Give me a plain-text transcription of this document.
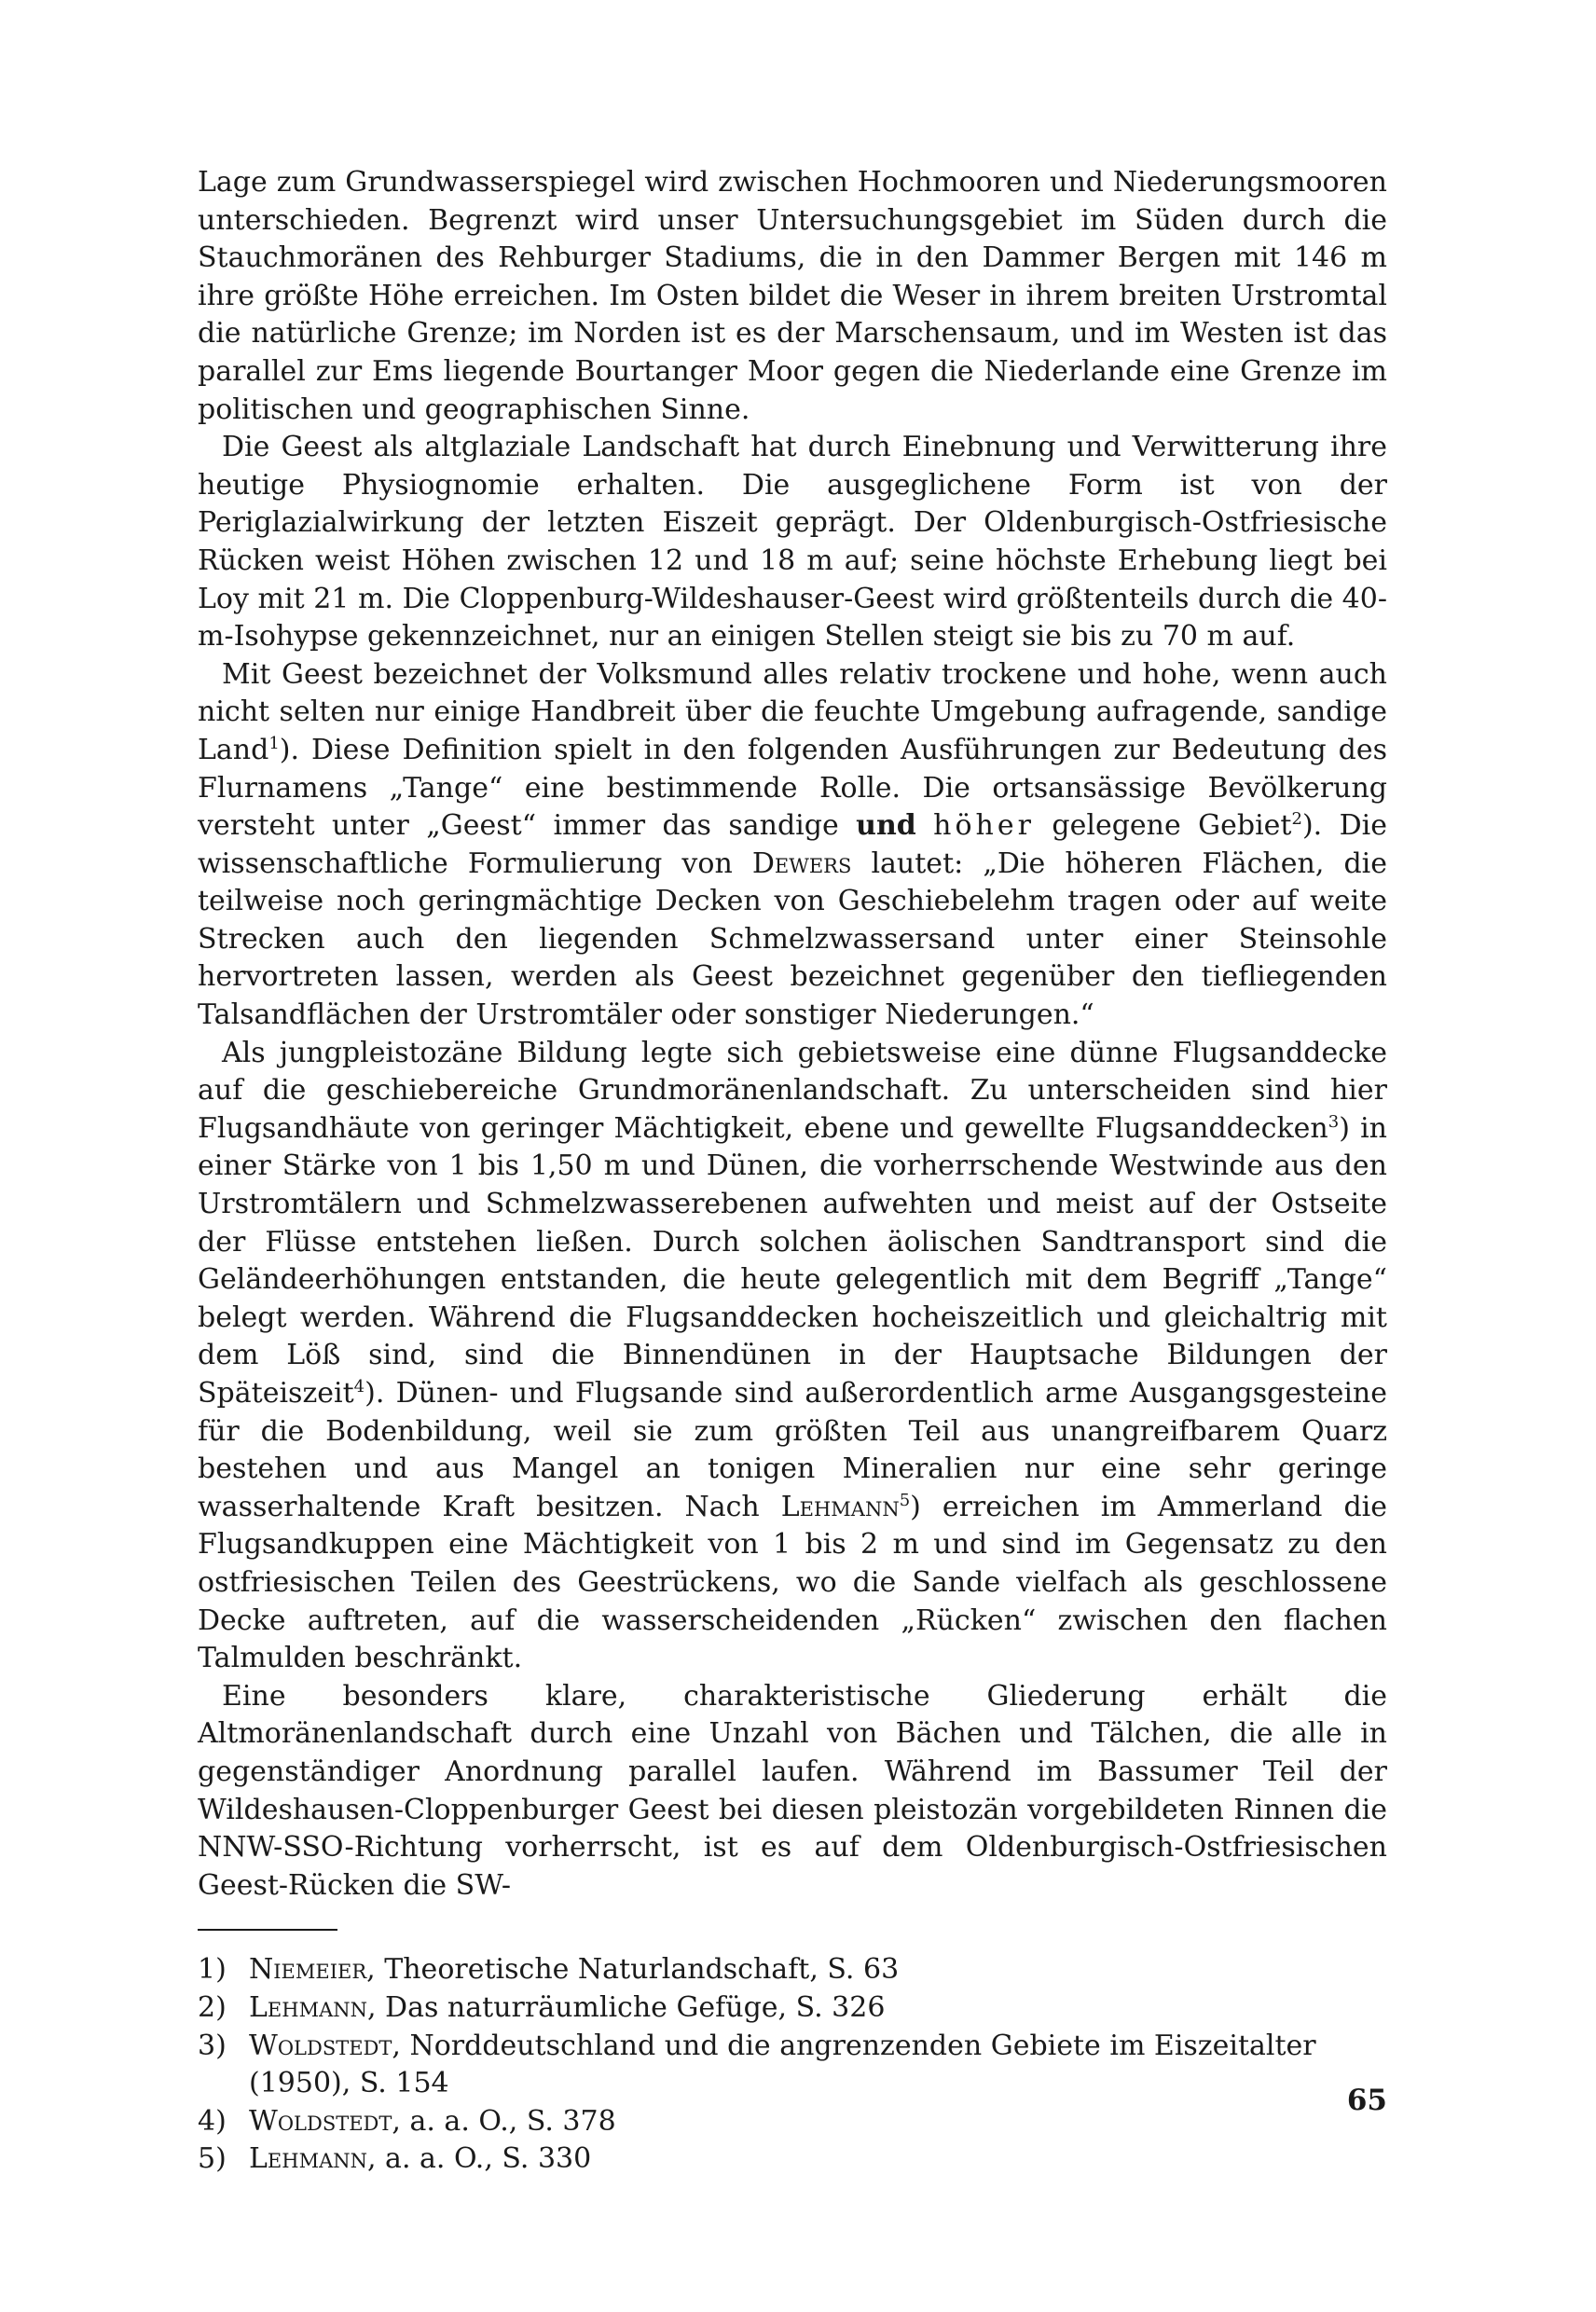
Lage zum Grundwasserspiegel wird zwischen Hochmooren und Niederungsmooren unterschieden. Begrenzt wird unser Untersuchungsgebiet im Süden durch die Stauchmoränen des Rehburger Stadiums, die in den Dammer Bergen mit 146 m ihre größte Höhe erreichen. Im Osten bildet die Weser in ihrem breiten Urstromtal die natürliche Grenze; im Norden ist es der Marschensaum, und im Westen ist das parallel zur Ems liegende Bourtanger Moor gegen die Niederlande eine Grenze im politischen und geographischen Sinne.

Die Geest als altglaziale Landschaft hat durch Einebnung und Verwitterung ihre heutige Physiognomie erhalten. Die ausgeglichene Form ist von der Periglazialwirkung der letzten Eiszeit geprägt. Der Oldenburgisch-Ostfriesische Rücken weist Höhen zwischen 12 und 18 m auf; seine höchste Erhebung liegt bei Loy mit 21 m. Die Cloppenburg-Wildeshauser-Geest wird größtenteils durch die 40-m-Isohypse gekennzeichnet, nur an einigen Stellen steigt sie bis zu 70 m auf.

Mit Geest bezeichnet der Volksmund alles relativ trockene und hohe, wenn auch nicht selten nur einige Handbreit über die feuchte Umgebung aufragende, sandige Land$^1$). Diese Definition spielt in den folgenden Ausführungen zur Bedeutung des Flurnamens „Tange“ eine bestimmende Rolle. Die ortsansässige Bevölkerung versteht unter „Geest“ immer das sandige und höher gelegene Gebiet$^2$). Die wissenschaftliche Formulierung von Dewers lautet: „Die höheren Flächen, die teilweise noch geringmächtige Decken von Geschiebelehm tragen oder auf weite Strecken auch den liegenden Schmelzwassersand unter einer Steinsohle hervortreten lassen, werden als Geest bezeichnet gegenüber den tiefliegenden Talsandflächen der Urstromtäler oder sonstiger Niederungen.“

Als jungpleistozäne Bildung legte sich gebietsweise eine dünne Flugsanddecke auf die geschiebereiche Grundmoränenlandschaft. Zu unterscheiden sind hier Flugsandhäute von geringer Mächtigkeit, ebene und gewellte Flugsanddecken$^3$) in einer Stärke von 1 bis 1,50 m und Dünen, die vorherrschende Westwinde aus den Urstromtälern und Schmelzwasserebenen aufwehten und meist auf der Ostseite der Flüsse entstehen ließen. Durch solchen äolischen Sandtransport sind die Geländeerhöhungen entstanden, die heute gelegentlich mit dem Begriff „Tange“ belegt werden. Während die Flugsanddecken hocheiszeitlich und gleichaltrig mit dem Löß sind, sind die Binnendünen in der Hauptsache Bildungen der Späteiszeit$^4$). Dünen- und Flugsande sind außerordentlich arme Ausgangsgesteine für die Bodenbildung, weil sie zum größten Teil aus unangreifbarem Quarz bestehen und aus Mangel an tonigen Mineralien nur eine sehr geringe wasserhaltende Kraft besitzen. Nach Lehmann$^5$) erreichen im Ammerland die Flugsandkuppen eine Mächtigkeit von 1 bis 2 m und sind im Gegensatz zu den ostfriesischen Teilen des Geestrückens, wo die Sande vielfach als geschlossene Decke auftreten, auf die wasserscheidenden „Rücken“ zwischen den flachen Talmulden beschränkt.

Eine besonders klare, charakteristische Gliederung erhält die Altmoränenlandschaft durch eine Unzahl von Bächen und Tälchen, die alle in gegenständiger Anordnung parallel laufen. Während im Bassumer Teil der Wildeshausen-Cloppenburger Geest bei diesen pleistozän vorgebildeten Rinnen die NNW-SSO-Richtung vorherrscht, ist es auf dem Oldenburgisch-Ostfriesischen Geest-Rücken die SW-

1) Niemeier, Theoretische Naturlandschaft, S. 63
2) Lehmann, Das naturräumliche Gefüge, S. 326
3) Woldstedt, Norddeutschland und die angrenzenden Gebiete im Eiszeitalter (1950), S. 154
4) Woldstedt, a. a. O., S. 378
5) Lehmann, a. a. O., S. 330
65
